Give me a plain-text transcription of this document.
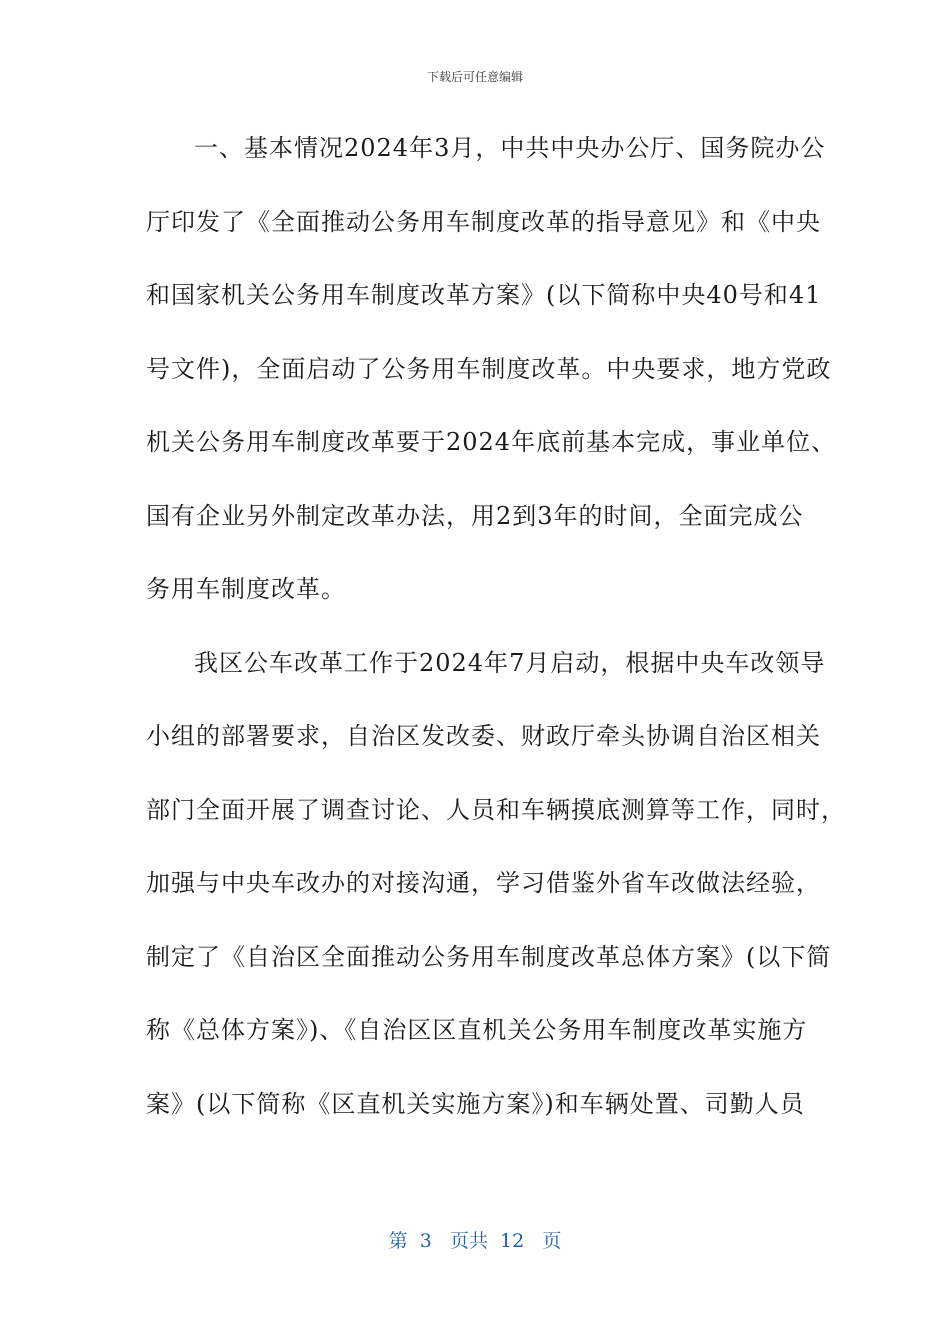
下载后可任意编辑
一、基本情况2024年3月，中共中央办公厅、国务院办公
厅印发了《全面推动公务用车制度改革的指导意见》和《中央
和国家机关公务用车制度改革方案》(以下简称中央40号和41
号文件)，全面启动了公务用车制度改革。中央要求，地方党政
机关公务用车制度改革要于2024年底前基本完成，事业单位、
国有企业另外制定改革办法，用2到3年的时间，全面完成公
务用车制度改革。
我区公车改革工作于2024年7月启动，根据中央车改领导
小组的部署要求，自治区发改委、财政厅牵头协调自治区相关
部门全面开展了调查讨论、人员和车辆摸底测算等工作，同时，
加强与中央车改办的对接沟通，学习借鉴外省车改做法经验，
制定了《自治区全面推动公务用车制度改革总体方案》(以下简
称《总体方案》)、《自治区区直机关公务用车制度改革实施方
案》(以下简称《区直机关实施方案》)和车辆处置、司勤人员
第  3   页共  12   页
